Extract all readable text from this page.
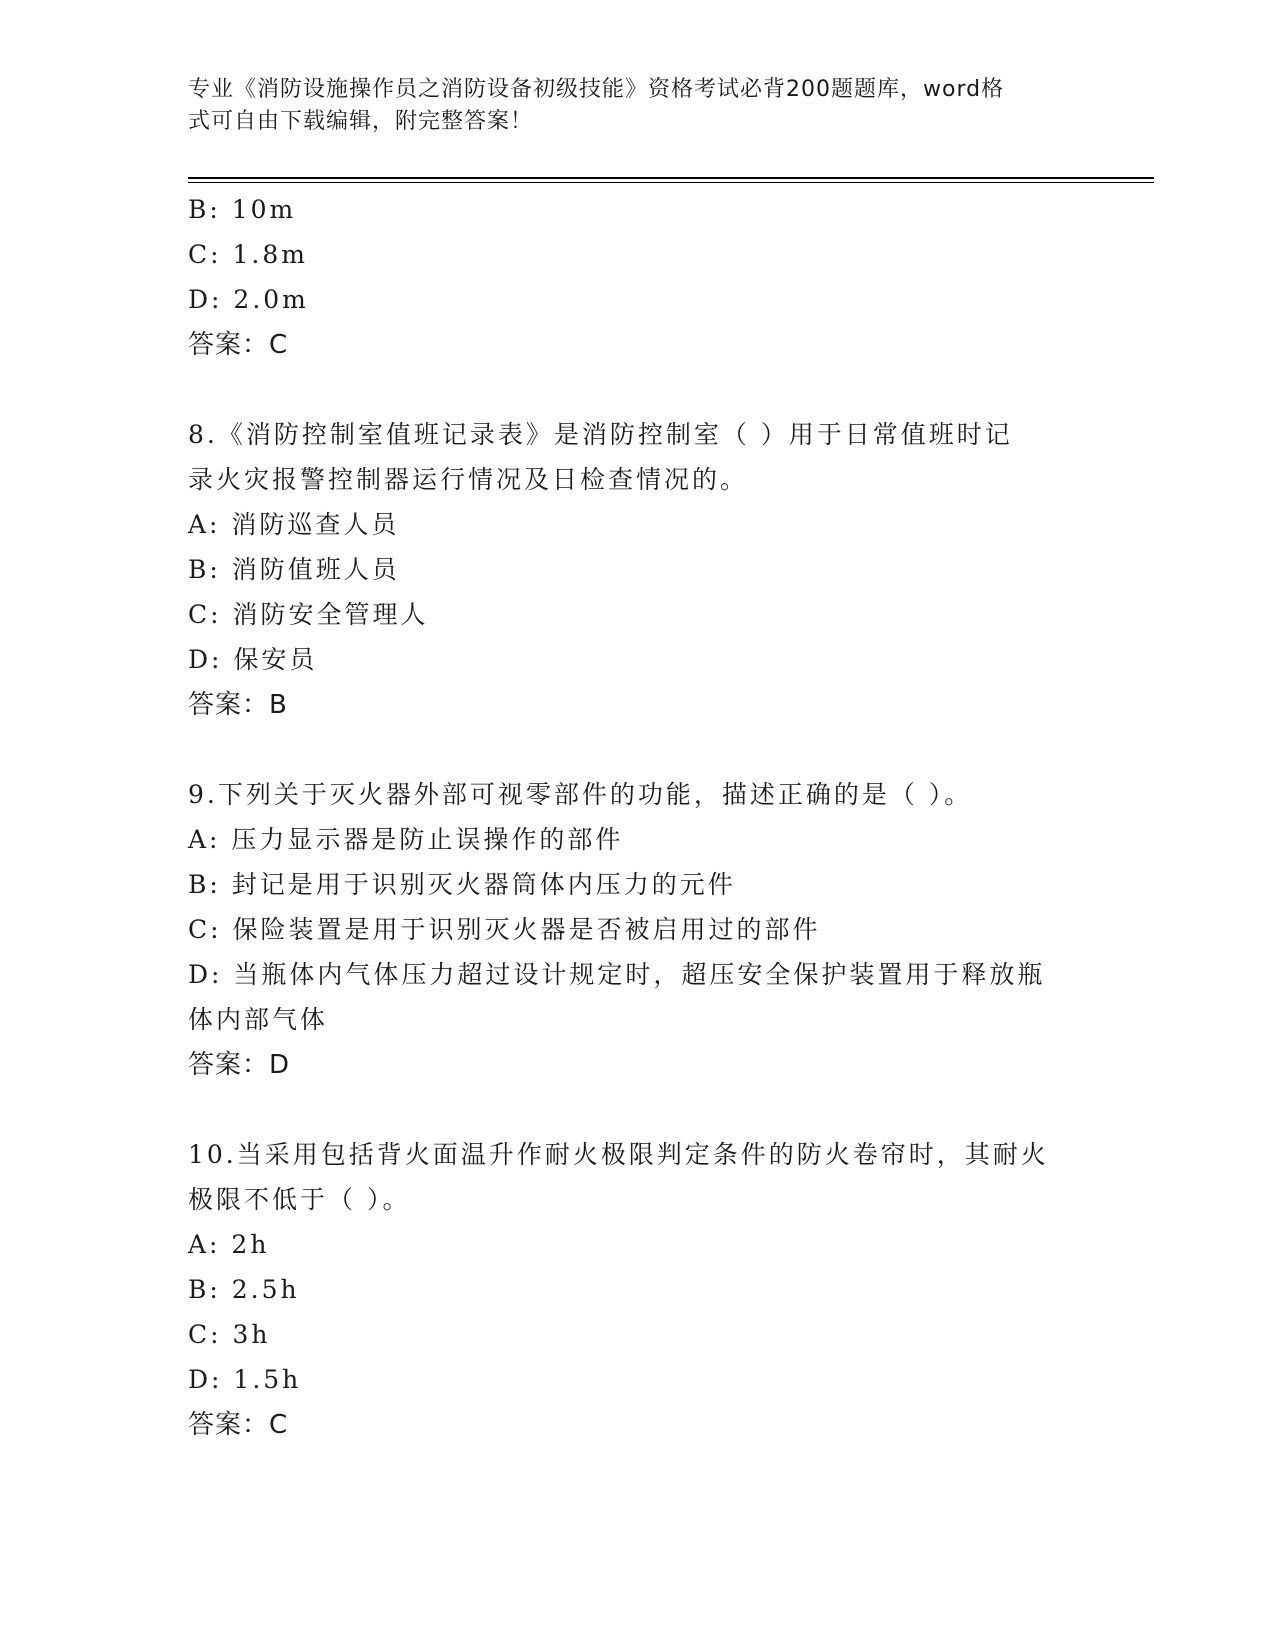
专业《消防设施操作员之消防设备初级技能》资格考试必背200题题库，word格
式可自由下载编辑，附完整答案！
B: 10m
C: 1.8m
D: 2.0m
答案：C
8.《消防控制室值班记录表》是消防控制室（ ）用于日常值班时记
录火灾报警控制器运行情况及日检查情况的。
A: 消防巡查人员
B: 消防值班人员
C: 消防安全管理人
D: 保安员
答案：B
9.下列关于灭火器外部可视零部件的功能，描述正确的是（ ）。
A: 压力显示器是防止误操作的部件
B: 封记是用于识别灭火器筒体内压力的元件
C: 保险装置是用于识别灭火器是否被启用过的部件
D: 当瓶体内气体压力超过设计规定时，超压安全保护装置用于释放瓶
体内部气体
答案：D
10.当采用包括背火面温升作耐火极限判定条件的防火卷帘时，其耐火
极限不低于（ ）。
A: 2h
B: 2.5h
C: 3h
D: 1.5h
答案：C
